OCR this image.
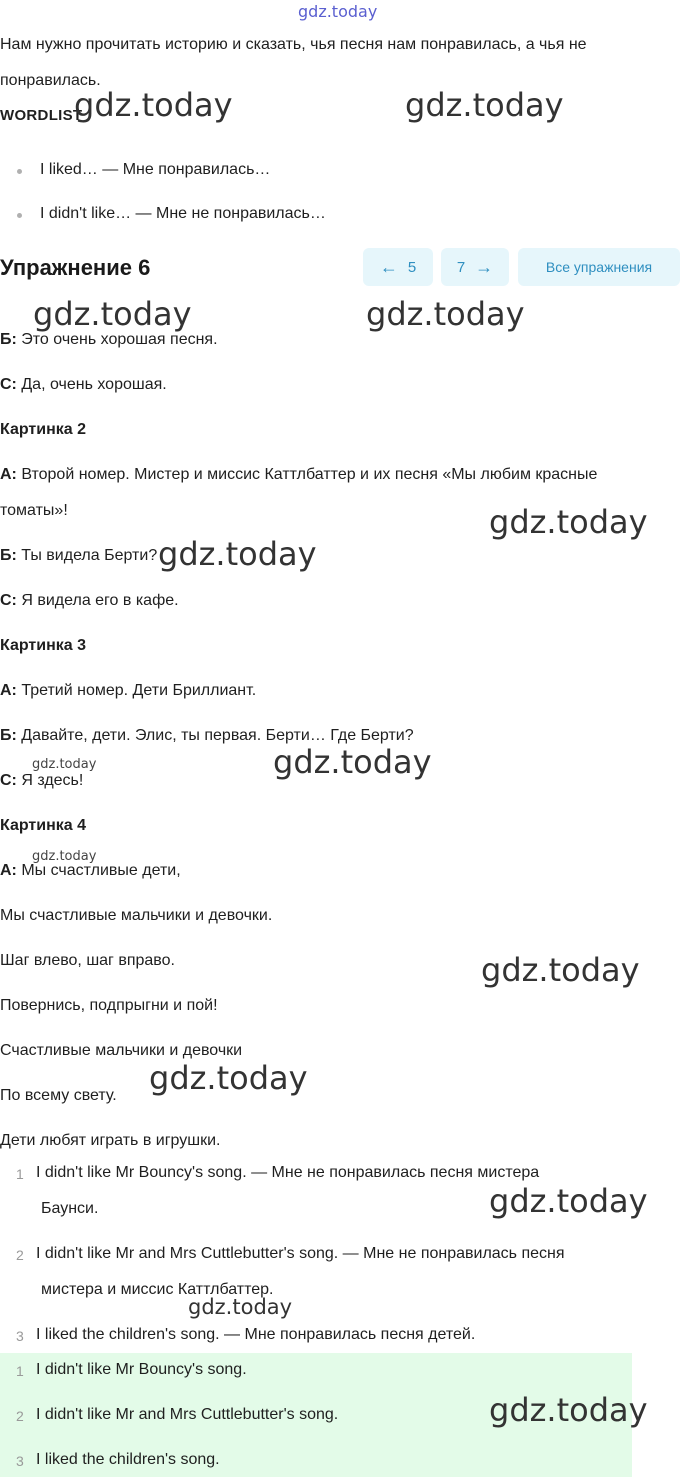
gdz.today
Нам нужно прочитать историю и сказать, чья песня нам понравилась, а чья не
понравилась.
WORDLIST
I liked… — Мне понравилась…
I didn't like… — Мне не понравилась…
Упражнение 6	← 5	7 →	Все упражнения
Б: Это очень хорошая песня.
С: Да, очень хорошая.
Картинка 2
А: Второй номер. Мистер и миссис Каттлбаттер и их песня «Мы любим красные
томаты»!
Б: Ты видела Берти?
С: Я видела его в кафе.
Картинка 3
А: Третий номер. Дети Бриллиант.
Б: Давайте, дети. Элис, ты первая. Берти… Где Берти?
С: Я здесь!
Картинка 4
А: Мы счастливые дети,
Мы счастливые мальчики и девочки.
Шаг влево, шаг вправо.
Повернись, подпрыгни и пой!
Счастливые мальчики и девочки
По всему свету.
Дети любят играть в игрушки.
1 I didn't like Mr Bouncy's song. — Мне не понравилась песня мистера
Баунси.
2 I didn't like Mr and Mrs Cuttlebutter's song. — Мне не понравилась песня
мистера и миссис Каттлбаттер.
3 I liked the children's song. — Мне понравилась песня детей.
1 I didn't like Mr Bouncy's song.
2 I didn't like Mr and Mrs Cuttlebutter's song.
3 I liked the children's song.
gdz.today	gdz.today
gdz.today	gdz.today
gdz.today
gdz.today
gdz.today
gdz.today
gdz.today
gdz.today
gdz.today
gdz.today
gdz.today
gdz.today
